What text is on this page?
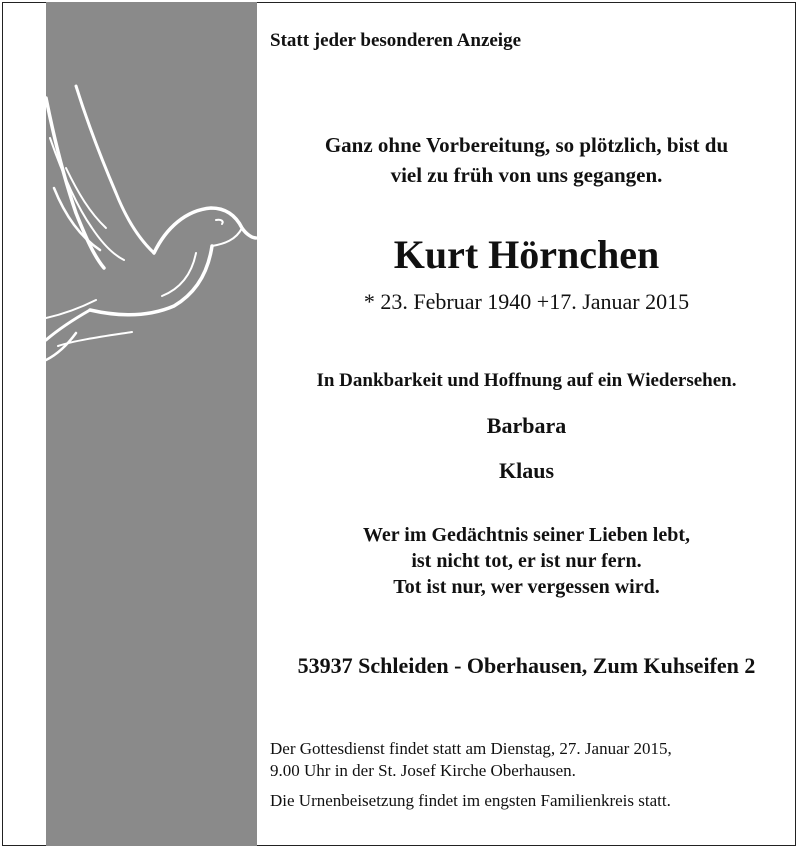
Statt jeder besonderen Anzeige
Ganz ohne Vorbereitung, so plötzlich, bist du
viel zu früh von uns gegangen.
Kurt Hörnchen
* 23. Februar 1940 +17. Januar 2015
In Dankbarkeit und Hoffnung auf ein Wiedersehen.
Barbara
Klaus
Wer im Gedächtnis seiner Lieben lebt,
ist nicht tot, er ist nur fern.
Tot ist nur, wer vergessen wird.
53937 Schleiden - Oberhausen, Zum Kuhseifen 2

Der Gottesdienst findet statt am Dienstag, 27. Januar 2015,
9.00 Uhr in der St. Josef Kirche Oberhausen.

Die Urnenbeisetzung findet im engsten Familienkreis statt.
